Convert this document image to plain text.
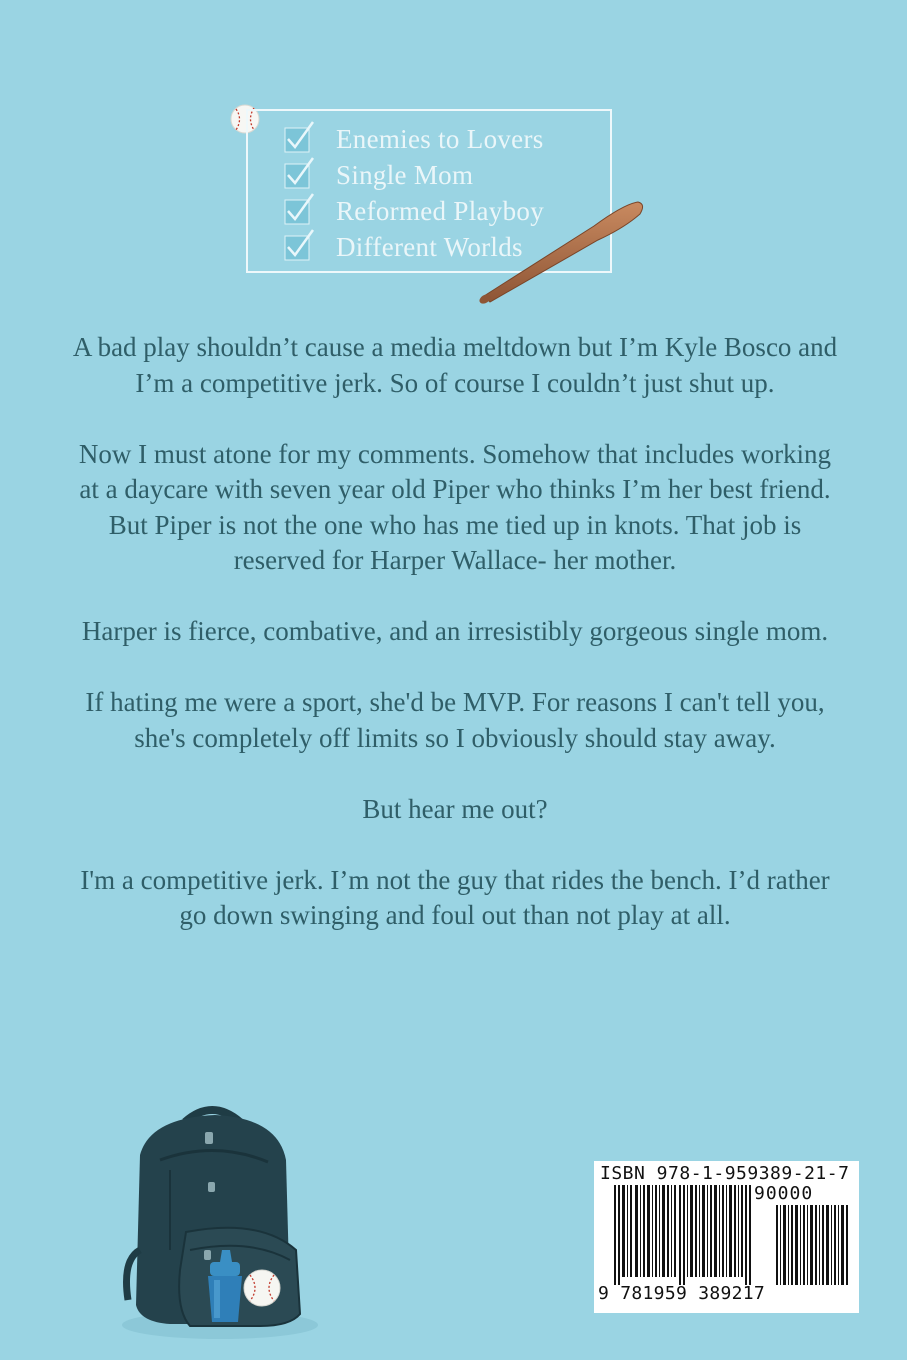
Enemies to Lovers
Single Mom
Reformed Playboy
Different Worlds

A bad play shouldn’t cause a media meltdown but I’m Kyle Bosco and I’m a competitive jerk. So of course I couldn’t just shut up.

Now I must atone for my comments. Somehow that includes working at a daycare with seven year old Piper who thinks I’m her best friend. But Piper is not the one who has me tied up in knots. That job is reserved for Harper Wallace- her mother.

Harper is fierce, combative, and an irresistibly gorgeous single mom.

If hating me were a sport, she'd be MVP. For reasons I can't tell you, she's completely off limits so I obviously should stay away.

But hear me out?

I'm a competitive jerk. I’m not the guy that rides the bench. I’d rather go down swinging and foul out than not play at all.

ISBN 978-1-959389-21-7
90000
9 781959 389217
